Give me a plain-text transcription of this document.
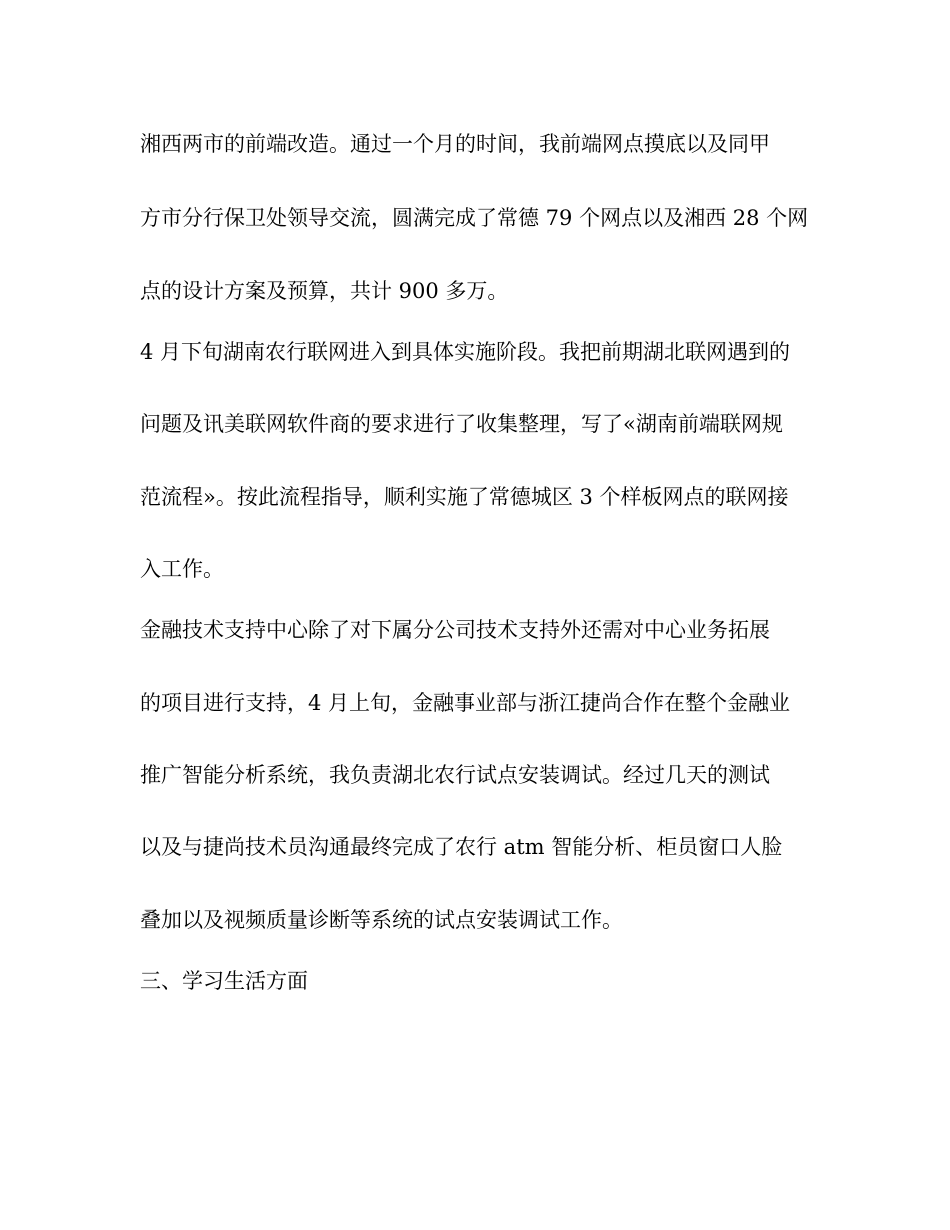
湘西两市的前端改造。通过一个月的时间，我前端网点摸底以及同甲
方市分行保卫处领导交流，圆满完成了常德 79 个网点以及湘西 28 个网
点的设计方案及预算，共计 900 多万。
4 月下旬湖南农行联网进入到具体实施阶段。我把前期湖北联网遇到的
问题及讯美联网软件商的要求进行了收集整理，写了«湖南前端联网规
范流程»。按此流程指导，顺利实施了常德城区 3 个样板网点的联网接
入工作。
金融技术支持中心除了对下属分公司技术支持外还需对中心业务拓展
的项目进行支持，4 月上旬，金融事业部与浙江捷尚合作在整个金融业
推广智能分析系统，我负责湖北农行试点安装调试。经过几天的测试
以及与捷尚技术员沟通最终完成了农行 atm 智能分析、柜员窗口人脸
叠加以及视频质量诊断等系统的试点安装调试工作。
三、学习生活方面
